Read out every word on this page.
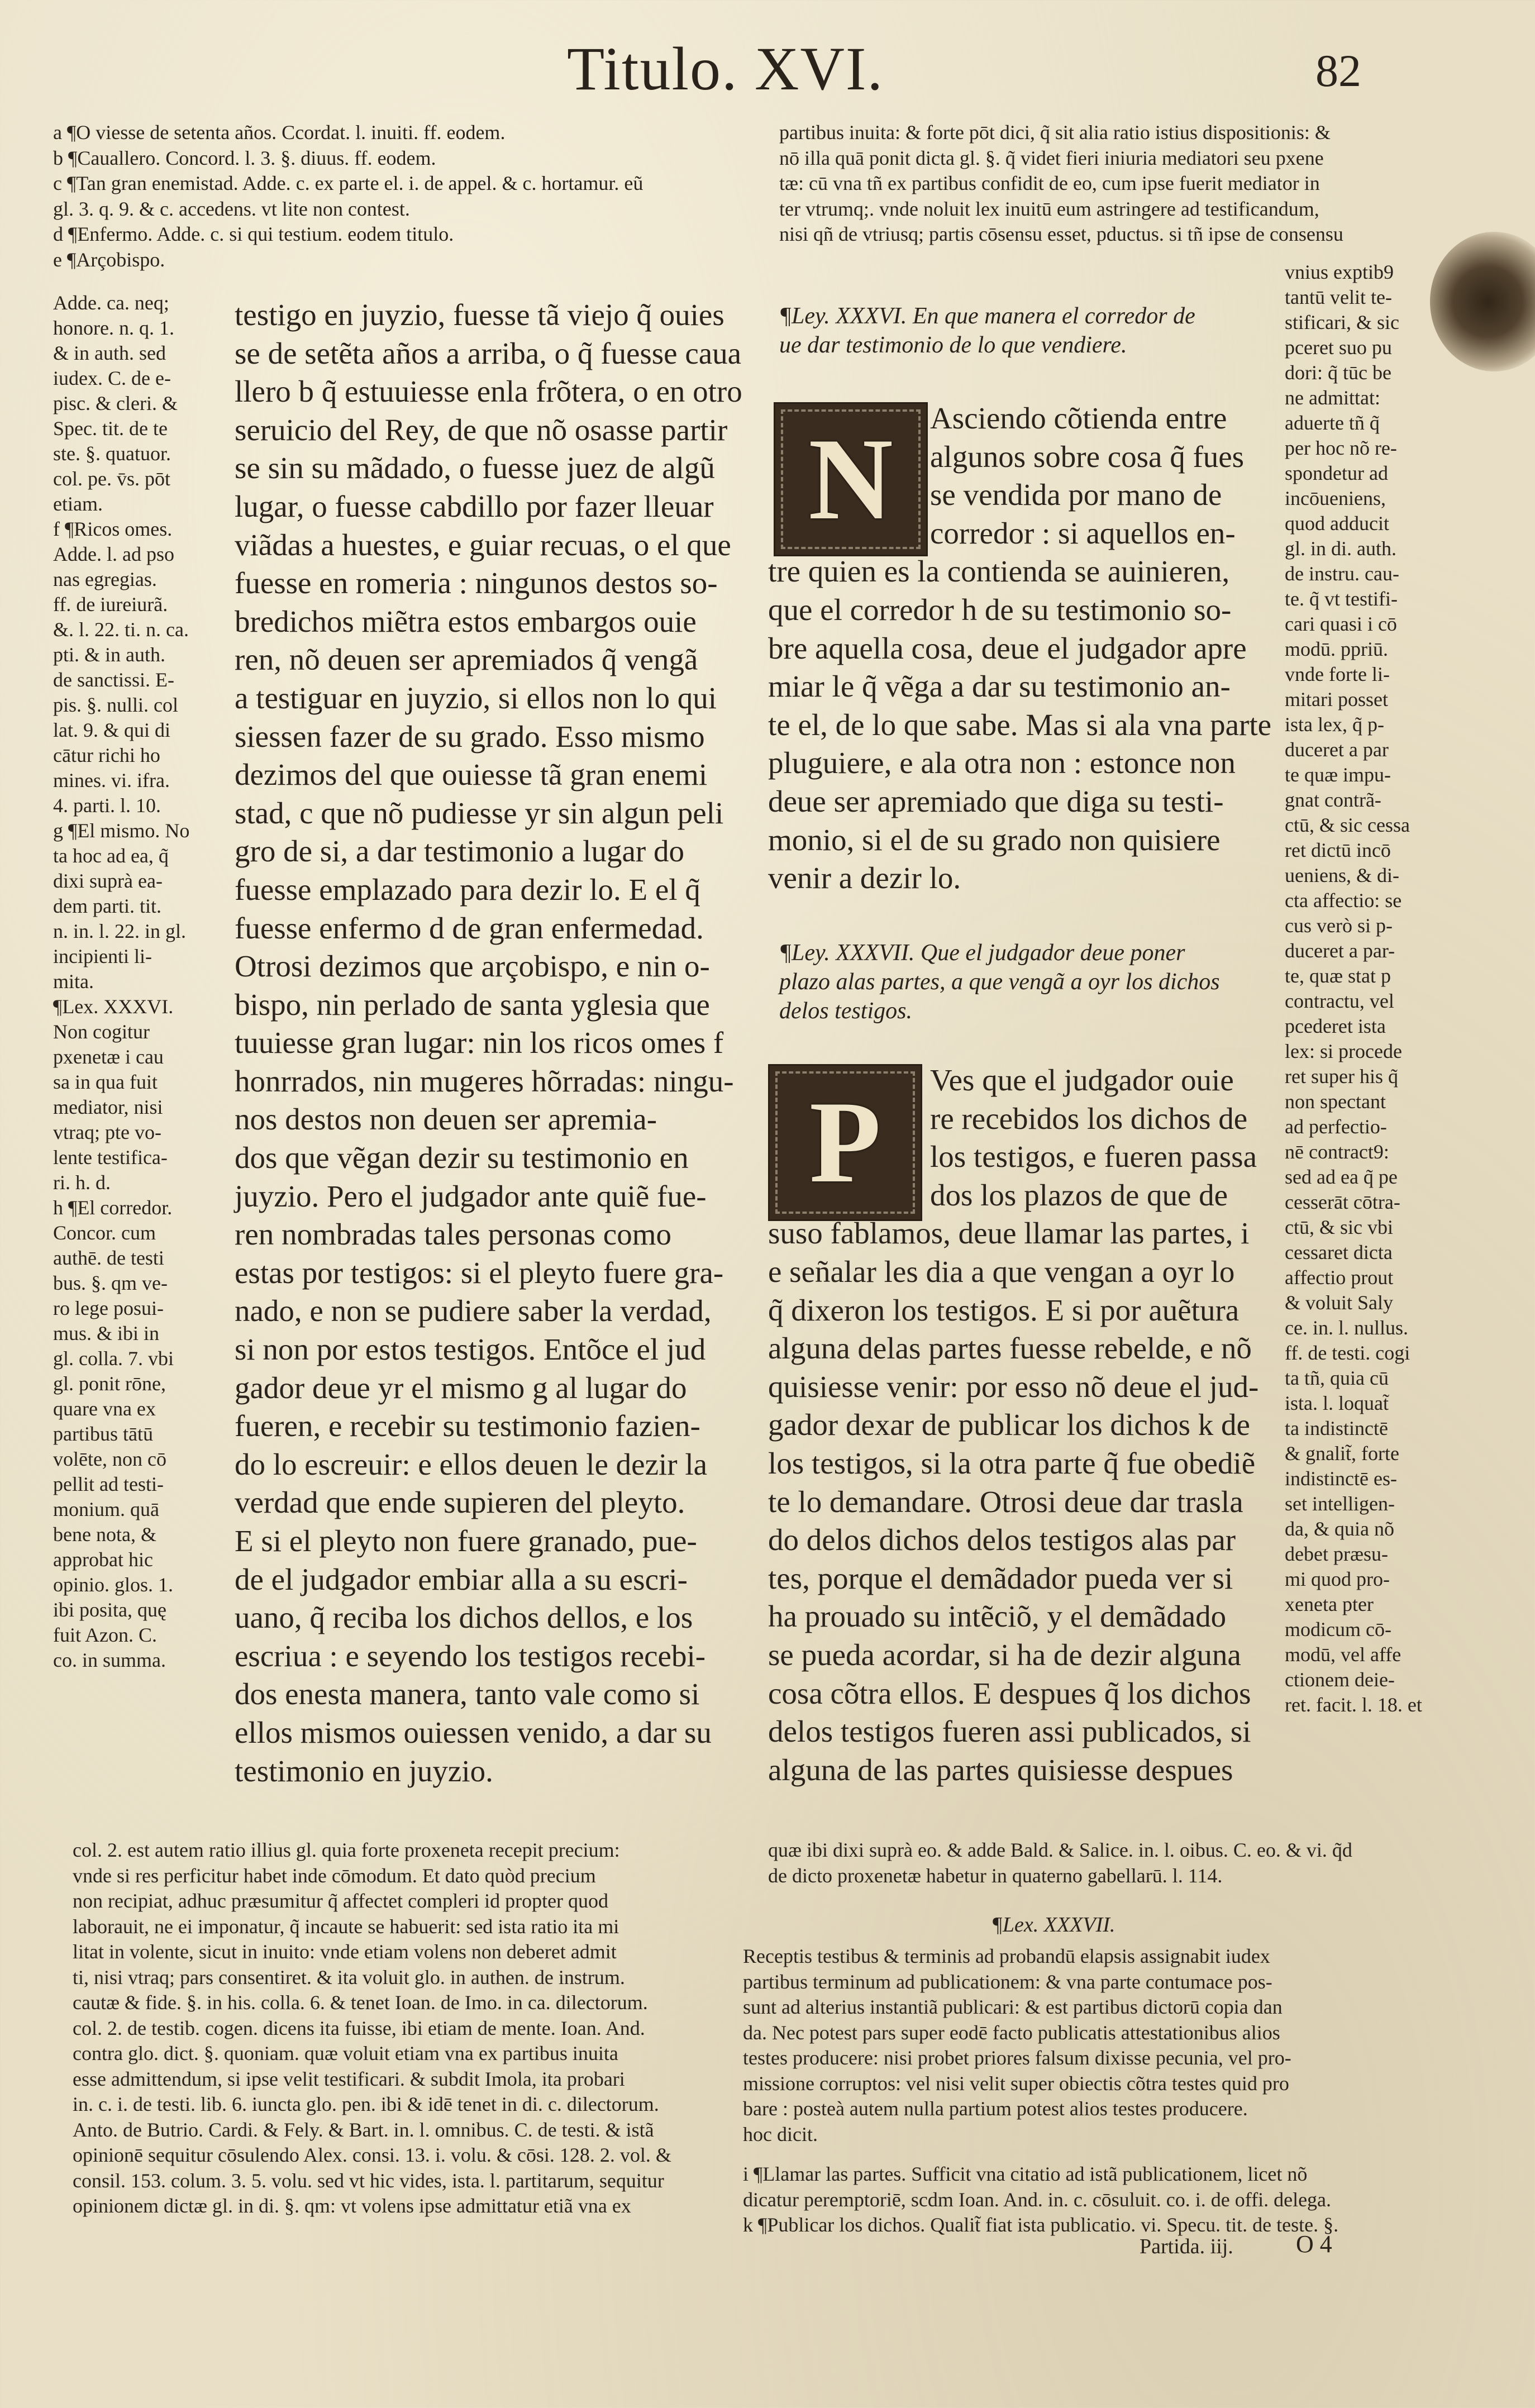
Titulo. XVI.	82
a ¶O viesse de setenta años. Ccordat. l. inuiti. ff. eodem.
b ¶Cauallero. Concord. l. 3. §. diuus. ff. eodem.
c ¶Tan gran enemistad. Adde. c. ex parte el. i. de appel. & c. hortamur. eũ
gl. 3. q. 9. & c. accedens. vt lite non contest.
d ¶Enfermo. Adde. c. si qui testium. eodem titulo.
e ¶Arçobispo.
partibus inuita: & forte pōt dici, q̃ sit alia ratio istius dispositionis: &
nō illa quā ponit dicta gl. §. q̃ videt fieri iniuria mediatori seu pxene
tæ: cū vna tñ ex partibus confidit de eo, cum ipse fuerit mediator in
ter vtrumq;. vnde noluit lex inuitū eum astringere ad testificandum,
nisi qñ de vtriusq; partis cōsensu esset, pductus. si tñ ipse de consensu
Adde. ca. neq;
honore. n. q. 1.
& in auth. sed
iudex. C. de e-
pisc. & cleri. &
Spec. tit. de te
ste. §. quatuor.
col. pe. v̄s. pōt
etiam.
f ¶Ricos omes.
Adde. l. ad pso
nas egregias.
ff. de iureiurã.
&. l. 22. ti. n. ca.
pti. & in auth.
de sanctissi. E-
pis. §. nulli. col
lat. 9. & qui di
cātur richi ho
mines. vi. ifra.
4. parti. l. 10.
g ¶El mismo. No
ta hoc ad ea, q̃
dixi suprà ea-
dem parti. tit.
n. in. l. 22. in gl.
incipienti li-
mita.
¶Lex. XXXVI.
Non cogitur
pxenetæ i cau
sa in qua fuit
mediator, nisi
vtraq; pte vo-
lente testifica-
ri. h. d.
h ¶El corredor.
Concor. cum
authē. de testi
bus. §. qm ve-
ro lege posui-
mus. & ibi in
gl. colla. 7. vbi
gl. ponit rōne,
quare vna ex
partibus tātū
volēte, non cō
pellit ad testi-
monium. quā
bene nota, &
approbat hic
opinio. glos. 1.
ibi posita, quę
fuit Azon. C.
co. in summa.
testigo en juyzio, fuesse tã viejo q̃ ouies
se de setẽta años a arriba, o q̃ fuesse caua
llero b q̃ estuuiesse enla frõtera, o en otro
seruicio del Rey, de que nõ osasse partir
se sin su mãdado, o fuesse juez de algũ
lugar, o fuesse cabdillo por fazer lleuar
viãdas a huestes, e guiar recuas, o el que
fuesse en romeria : ningunos destos so-
bredichos miẽtra estos embargos ouie
ren, nõ deuen ser apremiados q̃ vengã
a testiguar en juyzio, si ellos non lo qui
siessen fazer de su grado. Esso mismo
dezimos del que ouiesse tã gran enemi
stad, c que nõ pudiesse yr sin algun peli
gro de si, a dar testimonio a lugar do
fuesse emplazado para dezir lo. E el q̃
fuesse enfermo d de gran enfermedad.
Otrosi dezimos que arçobispo, e nin o-
bispo, nin perlado de santa yglesia que
tuuiesse gran lugar: nin los ricos omes f
honrrados, nin mugeres hõrradas: ningu-
nos destos non deuen ser apremia-
dos que vẽgan dezir su testimonio en
juyzio. Pero el judgador ante quiẽ fue-
ren nombradas tales personas como
estas por testigos: si el pleyto fuere gra-
nado, e non se pudiere saber la verdad,
si non por estos testigos. Entõce el jud
gador deue yr el mismo g al lugar do
fueren, e recebir su testimonio fazien-
do lo escreuir: e ellos deuen le dezir la
verdad que ende supieren del pleyto.
E si el pleyto non fuere granado, pue-
de el judgador embiar alla a su escri-
uano, q̃ reciba los dichos dellos, e los
escriua : e seyendo los testigos recebi-
dos enesta manera, tanto vale como si
ellos mismos ouiessen venido, a dar su
testimonio en juyzio.
¶Ley. XXXVI. En que manera el corredor de
ue dar testimonio de lo que vendiere.
N	Asciendo cõtienda entre
algunos sobre cosa q̃ fues
se vendida por mano de
corredor : si aquellos en-
tre quien es la contienda se auinieren,
que el corredor h de su testimonio so-
bre aquella cosa, deue el judgador apre
miar le q̃ vẽga a dar su testimonio an-
te el, de lo que sabe. Mas si ala vna parte
pluguiere, e ala otra non : estonce non
deue ser apremiado que diga su testi-
monio, si el de su grado non quisiere
venir a dezir lo.
¶Ley. XXXVII. Que el judgador deue poner
plazo alas partes, a que vengã a oyr los dichos
delos testigos.
P	Ves que el judgador ouie
re recebidos los dichos de
los testigos, e fueren passa
dos los plazos de que de
suso fablamos, deue llamar las partes, i
e señalar les dia a que vengan a oyr lo
q̃ dixeron los testigos. E si por auẽtura
alguna delas partes fuesse rebelde, e nõ
quisiesse venir: por esso nõ deue el jud-
gador dexar de publicar los dichos k de
los testigos, si la otra parte q̃ fue obediẽ
te lo demandare. Otrosi deue dar trasla
do delos dichos delos testigos alas par
tes, porque el demãdador pueda ver si
ha prouado su intẽciõ, y el demãdado
se pueda acordar, si ha de dezir alguna
cosa cõtra ellos. E despues q̃ los dichos
delos testigos fueren assi publicados, si
alguna de las partes quisiesse despues
vnius exptib9
tantū velit te-
stificari, & sic
pceret suo pu
dori: q̃ tūc be
ne admittat:
aduerte tñ q̃
per hoc nõ re-
spondetur ad
incōueniens,
quod adducit
gl. in di. auth.
de instru. cau-
te. q̃ vt testifi-
cari quasi i cō
modū. ppriū.
vnde forte li-
mitari posset
ista lex, q̃ p-
duceret a par
te quæ impu-
gnat contrã-
ctū, & sic cessa
ret dictū incō
ueniens, & di-
cta affectio: se
cus verò si p-
duceret a par-
te, quæ stat p
contractu, vel
pcederet ista
lex: si procede
ret super his q̃
non spectant
ad perfectio-
nē contract9:
sed ad ea q̃ pe
cesserāt cōtra-
ctū, & sic vbi
cessaret dicta
affectio prout
& voluit Saly
ce. in. l. nullus.
ff. de testi. cogi
ta tñ, quia cū
ista. l. loquat̃
ta indistinctē
& gnalit̃, forte
indistinctē es-
set intelligen-
da, & quia nõ
debet præsu-
mi quod pro-
xeneta pter
modicum cō-
modū, vel affe
ctionem deie-
ret. facit. l. 18. et
col. 2. est autem ratio illius gl. quia forte proxeneta recepit precium:
vnde si res perficitur habet inde cōmodum. Et dato quòd precium
non recipiat, adhuc præsumitur q̃ affectet compleri id propter quod
laborauit, ne ei imponatur, q̃ incaute se habuerit: sed ista ratio ita mi
litat in volente, sicut in inuito: vnde etiam volens non deberet admit
ti, nisi vtraq; pars consentiret. & ita voluit glo. in authen. de instrum.
cautæ & fide. §. in his. colla. 6. & tenet Ioan. de Imo. in ca. dilectorum.
col. 2. de testib. cogen. dicens ita fuisse, ibi etiam de mente. Ioan. And.
contra glo. dict. §. quoniam. quæ voluit etiam vna ex partibus inuita
esse admittendum, si ipse velit testificari. & subdit Imola, ita probari
in. c. i. de testi. lib. 6. iuncta glo. pen. ibi & idē tenet in di. c. dilectorum.
Anto. de Butrio. Cardi. & Fely. & Bart. in. l. omnibus. C. de testi. & istã
opinionē sequitur cōsulendo Alex. consi. 13. i. volu. & cōsi. 128. 2. vol. &
consil. 153. colum. 3. 5. volu. sed vt hic vides, ista. l. partitarum, sequitur
opinionem dictæ gl. in di. §. qm: vt volens ipse admittatur etiã vna ex
quæ ibi dixi suprà eo. & adde Bald. & Salice. in. l. oibus. C. eo. & vi. q̃d
de dicto proxenetæ habetur in quaterno gabellarū. l. 114.
¶Lex. XXXVII.
Receptis testibus & terminis ad probandū elapsis assignabit iudex
partibus terminum ad publicationem: & vna parte contumace pos-
sunt ad alterius instantiã publicari: & est partibus dictorū copia dan
da. Nec potest pars super eodē facto publicatis attestationibus alios
testes producere: nisi probet priores falsum dixisse pecunia, vel pro-
missione corruptos: vel nisi velit super obiectis cõtra testes quid pro
bare : posteà autem nulla partium potest alios testes producere.
hoc dicit.
i ¶Llamar las partes. Sufficit vna citatio ad istã publicationem, licet nõ
dicatur peremptoriē, scdm Ioan. And. in. c. cōsuluit. co. i. de offi. delega.
k ¶Publicar los dichos. Qualit̃ fiat ista publicatio. vi. Specu. tit. de teste. §.
Partida. iij.	O 4
